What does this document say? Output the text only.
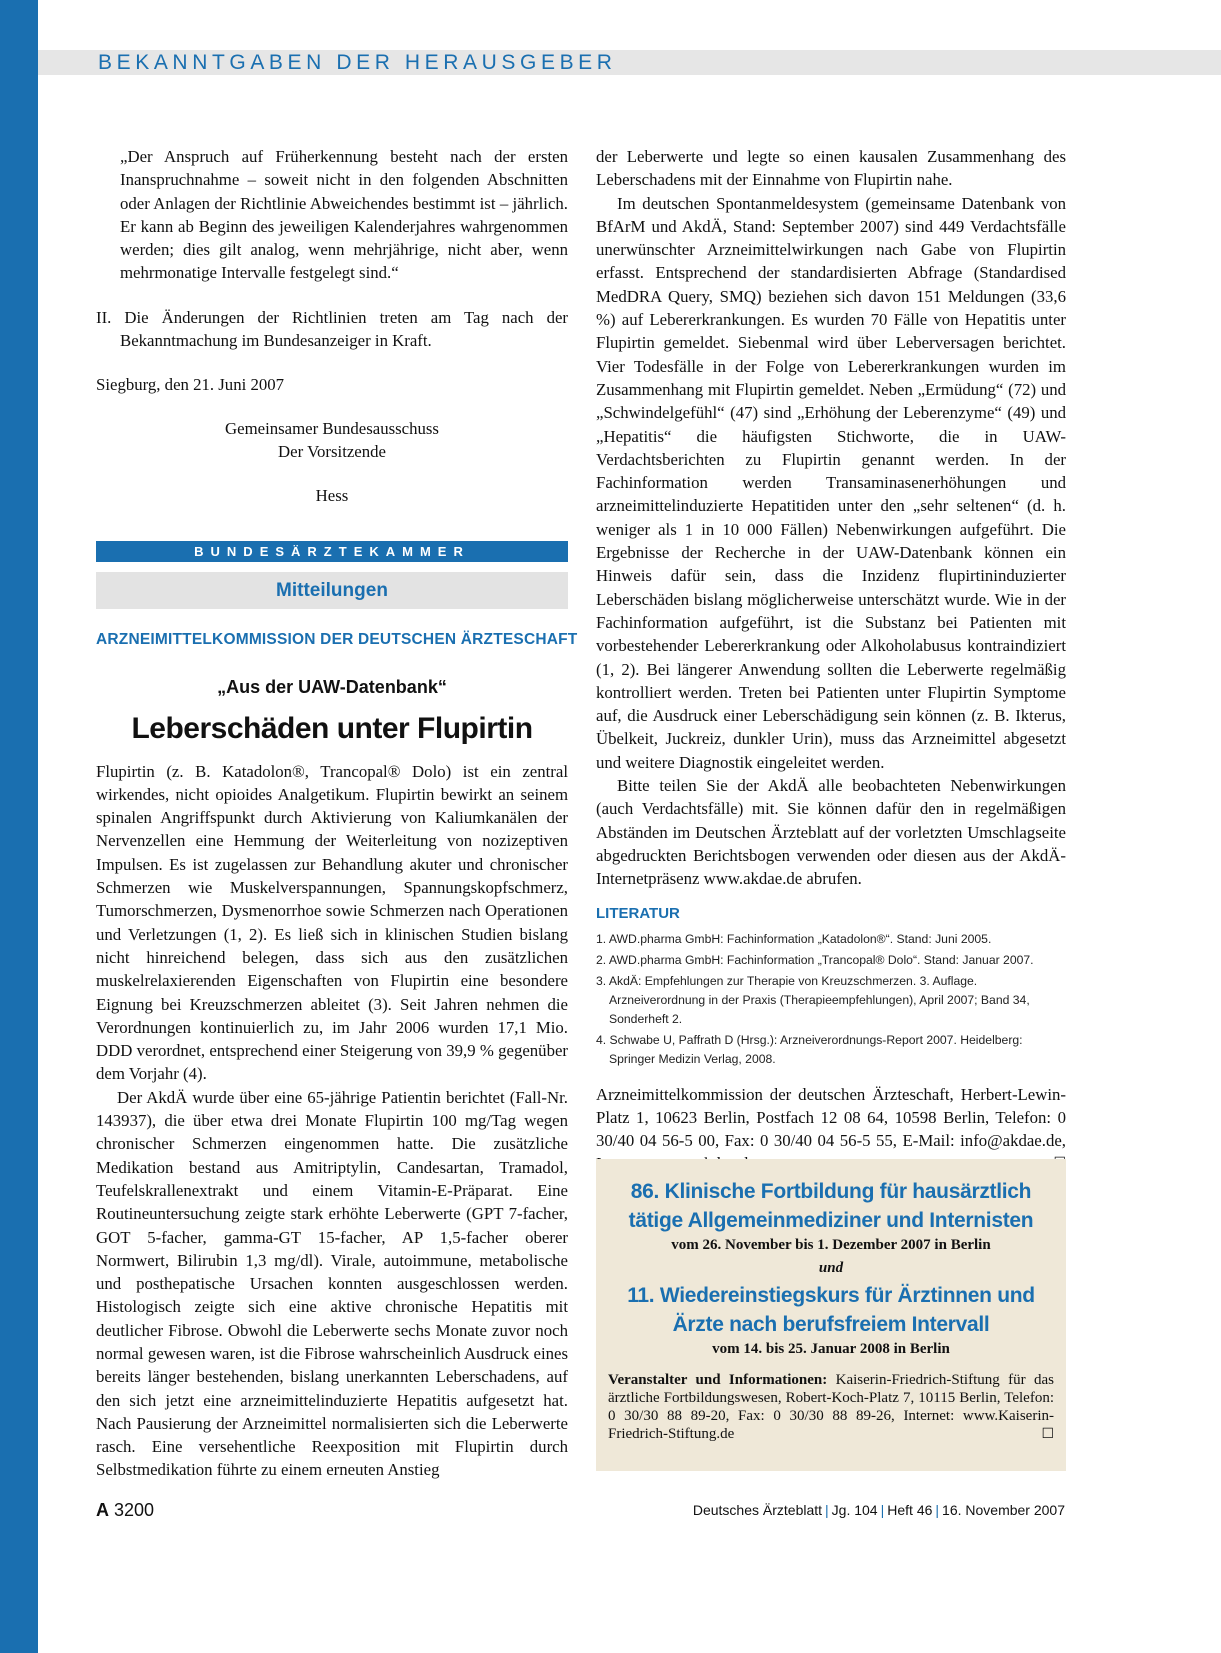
BEKANNTGABEN DER HERAUSGEBER

„Der Anspruch auf Früherkennung besteht nach der ersten Inanspruchnahme – soweit nicht in den folgenden Abschnitten oder Anlagen der Richtlinie Abweichendes bestimmt ist – jährlich. Er kann ab Beginn des jeweiligen Kalenderjahres wahrgenommen werden; dies gilt analog, wenn mehrjährige, nicht aber, wenn mehrmonatige Intervalle festgelegt sind.“

II. Die Änderungen der Richtlinien treten am Tag nach der Bekanntmachung im Bundesanzeiger in Kraft.

Siegburg, den 21. Juni 2007

Gemeinsamer Bundesausschuss

Der Vorsitzende

Hess

BUNDESÄRZTEKAMMER
Mitteilungen
ARZNEIMITTELKOMMISSION DER DEUTSCHEN ÄRZTESCHAFT
„Aus der UAW-Datenbank“
Leberschäden unter Flupirtin

Flupirtin (z. B. Katadolon®, Trancopal® Dolo) ist ein zentral wirkendes, nicht opioides Analgetikum. Flupirtin bewirkt an seinem spinalen Angriffspunkt durch Aktivierung von Kaliumkanälen der Nervenzellen eine Hemmung der Weiterleitung von nozizeptiven Impulsen. Es ist zugelassen zur Behandlung akuter und chronischer Schmerzen wie Muskelverspannungen, Spannungskopfschmerz, Tumorschmerzen, Dysmenorrhoe sowie Schmerzen nach Operationen und Verletzungen (1, 2). Es ließ sich in klinischen Studien bislang nicht hinreichend belegen, dass sich aus den zusätzlichen muskelrelaxierenden Eigenschaften von Flupirtin eine besondere Eignung bei Kreuzschmerzen ableitet (3). Seit Jahren nehmen die Verordnungen kontinuierlich zu, im Jahr 2006 wurden 17,1 Mio. DDD verordnet, entsprechend einer Steigerung von 39,9 % gegenüber dem Vorjahr (4).

Der AkdÄ wurde über eine 65-jährige Patientin berichtet (Fall-Nr. 143937), die über etwa drei Monate Flupirtin 100 mg/Tag wegen chronischer Schmerzen eingenommen hatte. Die zusätzliche Medikation bestand aus Amitriptylin, Candesartan, Tramadol, Teufelskrallenextrakt und einem Vitamin-E-Präparat. Eine Routineuntersuchung zeigte stark erhöhte Leberwerte (GPT 7-facher, GOT 5-facher, gamma-GT 15-facher, AP 1,5-facher oberer Normwert, Bilirubin 1,3 mg/dl). Virale, autoimmune, metabolische und posthepatische Ursachen konnten ausgeschlossen werden. Histologisch zeigte sich eine aktive chronische Hepatitis mit deutlicher Fibrose. Obwohl die Leberwerte sechs Monate zuvor noch normal gewesen waren, ist die Fibrose wahrscheinlich Ausdruck eines bereits länger bestehenden, bislang unerkannten Leberschadens, auf den sich jetzt eine arzneimittelinduzierte Hepatitis aufgesetzt hat. Nach Pausierung der Arzneimittel normalisierten sich die Leberwerte rasch. Eine versehentliche Reexposition mit Flupirtin durch Selbstmedikation führte zu einem erneuten Anstieg

der Leberwerte und legte so einen kausalen Zusammenhang des Leberschadens mit der Einnahme von Flupirtin nahe.

Im deutschen Spontanmeldesystem (gemeinsame Datenbank von BfArM und AkdÄ, Stand: September 2007) sind 449 Verdachtsfälle unerwünschter Arzneimittelwirkungen nach Gabe von Flupirtin erfasst. Entsprechend der standardisierten Abfrage (Standardised MedDRA Query, SMQ) beziehen sich davon 151 Meldungen (33,6 %) auf Lebererkrankungen. Es wurden 70 Fälle von Hepatitis unter Flupirtin gemeldet. Siebenmal wird über Leberversagen berichtet. Vier Todesfälle in der Folge von Lebererkrankungen wurden im Zusammenhang mit Flupirtin gemeldet. Neben „Ermüdung“ (72) und „Schwindelgefühl“ (47) sind „Erhöhung der Leberenzyme“ (49) und „Hepatitis“ die häufigsten Stichworte, die in UAW-Verdachtsberichten zu Flupirtin genannt werden. In der Fachinformation werden Transaminasenerhöhungen und arzneimittelinduzierte Hepatitiden unter den „sehr seltenen“ (d. h. weniger als 1 in 10 000 Fällen) Nebenwirkungen aufgeführt. Die Ergebnisse der Recherche in der UAW-Datenbank können ein Hinweis dafür sein, dass die Inzidenz flupirtininduzierter Leberschäden bislang möglicherweise unterschätzt wurde. Wie in der Fachinformation aufgeführt, ist die Substanz bei Patienten mit vorbestehender Lebererkrankung oder Alkoholabusus kontraindiziert (1, 2). Bei längerer Anwendung sollten die Leberwerte regelmäßig kontrolliert werden. Treten bei Patienten unter Flupirtin Symptome auf, die Ausdruck einer Leberschädigung sein können (z. B. Ikterus, Übelkeit, Juckreiz, dunkler Urin), muss das Arzneimittel abgesetzt und weitere Diagnostik eingeleitet werden.

Bitte teilen Sie der AkdÄ alle beobachteten Nebenwirkungen (auch Verdachtsfälle) mit. Sie können dafür den in regelmäßigen Abständen im Deutschen Ärzteblatt auf der vorletzten Umschlagseite abgedruckten Berichtsbogen verwenden oder diesen aus der AkdÄ-Internetpräsenz www.akdae.de abrufen.

LITERATUR

1. AWD.pharma GmbH: Fachinformation „Katadolon®“. Stand: Juni 2005.

2. AWD.pharma GmbH: Fachinformation „Trancopal® Dolo“. Stand: Januar 2007.

3. AkdÄ: Empfehlungen zur Therapie von Kreuzschmerzen. 3. Auflage. Arzneiverordnung in der Praxis (Therapieempfehlungen), April 2007; Band 34, Sonderheft 2.

4. Schwabe U, Paffrath D (Hrsg.): Arzneiverordnungs-Report 2007. Heidelberg: Springer Medizin Verlag, 2008.

Arzneimittelkommission der deutschen Ärzteschaft, Herbert-Lewin-Platz 1, 10623 Berlin, Postfach 12 08 64, 10598 Berlin, Telefon: 0 30/40 04 56-5 00, Fax: 0 30/40 04 56-5 55, E-Mail: info@akdae.de,

86. Klinische Fortbildung für hausärztlich tätige Allgemeinmediziner und Internisten
vom 26. November bis 1. Dezember 2007 in Berlin
und
11. Wiedereinstiegskurs für Ärztinnen und Ärzte nach berufsfreiem Intervall
vom 14. bis 25. Januar 2008 in Berlin
Veranstalter und Informationen: Kaiserin-Friedrich-Stiftung für das ärztliche Fortbildungswesen, Robert-Koch-Platz 7, 10115 Berlin, Telefon: 0 30/30 88 89-20, Fax: 0 30/30 88 89-26, Internet: www.Kaiserin-Friedrich-Stiftung.de	☐
A 3200	Deutsches Ärzteblatt | Jg. 104 | Heft 46 | 16. November 2007
